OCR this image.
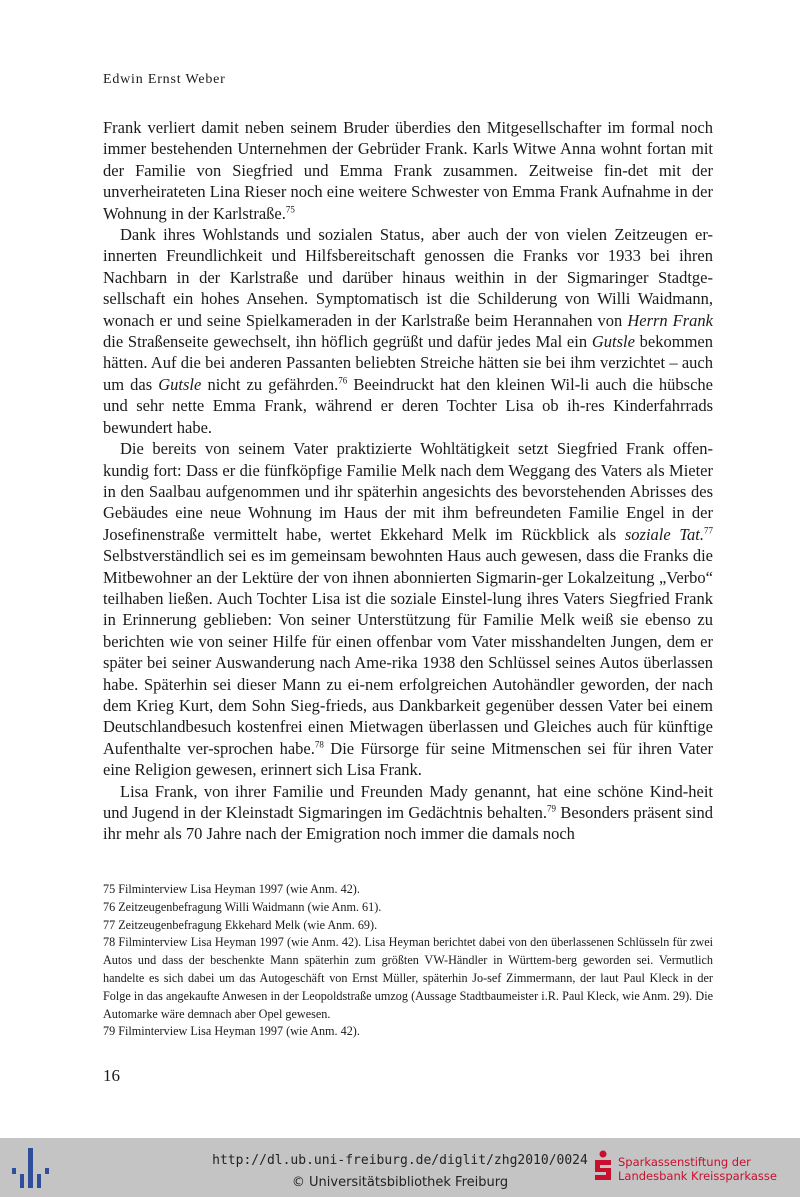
Edwin Ernst Weber

Frank verliert damit neben seinem Bruder überdies den Mitgesellschafter im formal noch immer bestehenden Unternehmen der Gebrüder Frank. Karls Witwe Anna wohnt fortan mit der Familie von Siegfried und Emma Frank zusammen. Zeitweise fin-det mit der unverheirateten Lina Rieser noch eine weitere Schwester von Emma Frank Aufnahme in der Wohnung in der Karlstraße.$^{75}$

Dank ihres Wohlstands und sozialen Status, aber auch der von vielen Zeitzeugen er-innerten Freundlichkeit und Hilfsbereitschaft genossen die Franks vor 1933 bei ihren Nachbarn in der Karlstraße und darüber hinaus weithin in der Sigmaringer Stadtge-sellschaft ein hohes Ansehen. Symptomatisch ist die Schilderung von Willi Waidmann, wonach er und seine Spielkameraden in der Karlstraße beim Herannahen von Herrn Frank die Straßenseite gewechselt, ihn höflich gegrüßt und dafür jedes Mal ein Gutsle bekommen hätten. Auf die bei anderen Passanten beliebten Streiche hätten sie bei ihm verzichtet – auch um das Gutsle nicht zu gefährden.$^{76}$ Beeindruckt hat den kleinen Wil-li auch die hübsche und sehr nette Emma Frank, während er deren Tochter Lisa ob ih-res Kinderfahrrads bewundert habe.

Die bereits von seinem Vater praktizierte Wohltätigkeit setzt Siegfried Frank offen-kundig fort: Dass er die fünfköpfige Familie Melk nach dem Weggang des Vaters als Mieter in den Saalbau aufgenommen und ihr späterhin angesichts des bevorstehenden Abrisses des Gebäudes eine neue Wohnung im Haus der mit ihm befreundeten Familie Engel in der Josefinenstraße vermittelt habe, wertet Ekkehard Melk im Rückblick als soziale Tat.$^{77}$ Selbstverständlich sei es im gemeinsam bewohnten Haus auch gewesen, dass die Franks die Mitbewohner an der Lektüre der von ihnen abonnierten Sigmarin-ger Lokalzeitung „Verbo“ teilhaben ließen. Auch Tochter Lisa ist die soziale Einstel-lung ihres Vaters Siegfried Frank in Erinnerung geblieben: Von seiner Unterstützung für Familie Melk weiß sie ebenso zu berichten wie von seiner Hilfe für einen offenbar vom Vater misshandelten Jungen, dem er später bei seiner Auswanderung nach Ame-rika 1938 den Schlüssel seines Autos überlassen habe. Späterhin sei dieser Mann zu ei-nem erfolgreichen Autohändler geworden, der nach dem Krieg Kurt, dem Sohn Sieg-frieds, aus Dankbarkeit gegenüber dessen Vater bei einem Deutschlandbesuch kostenfrei einen Mietwagen überlassen und Gleiches auch für künftige Aufenthalte ver-sprochen habe.$^{78}$ Die Fürsorge für seine Mitmenschen sei für ihren Vater eine Religion gewesen, erinnert sich Lisa Frank.

Lisa Frank, von ihrer Familie und Freunden Mady genannt, hat eine schöne Kind-heit und Jugend in der Kleinstadt Sigmaringen im Gedächtnis behalten.$^{79}$ Besonders präsent sind ihr mehr als 70 Jahre nach der Emigration noch immer die damals noch

75 Filminterview Lisa Heyman 1997 (wie Anm. 42).

76 Zeitzeugenbefragung Willi Waidmann (wie Anm. 61).

77 Zeitzeugenbefragung Ekkehard Melk (wie Anm. 69).

78 Filminterview Lisa Heyman 1997 (wie Anm. 42). Lisa Heyman berichtet dabei von den überlassenen Schlüsseln für zwei Autos und dass der beschenkte Mann späterhin zum größten VW-Händler in Württem-berg geworden sei. Vermutlich handelte es sich dabei um das Autogeschäft von Ernst Müller, späterhin Jo-sef Zimmermann, der laut Paul Kleck in der Folge in das angekaufte Anwesen in der Leopoldstraße umzog (Aussage Stadtbaumeister i.R. Paul Kleck, wie Anm. 29). Die Automarke wäre demnach aber Opel gewesen.

79 Filminterview Lisa Heyman 1997 (wie Anm. 42).

16
http://dl.ub.uni-freiburg.de/diglit/zhg2010/0024
© Universitätsbibliothek Freiburg
Sparkassenstiftung der
Landesbank Kreissparkasse
